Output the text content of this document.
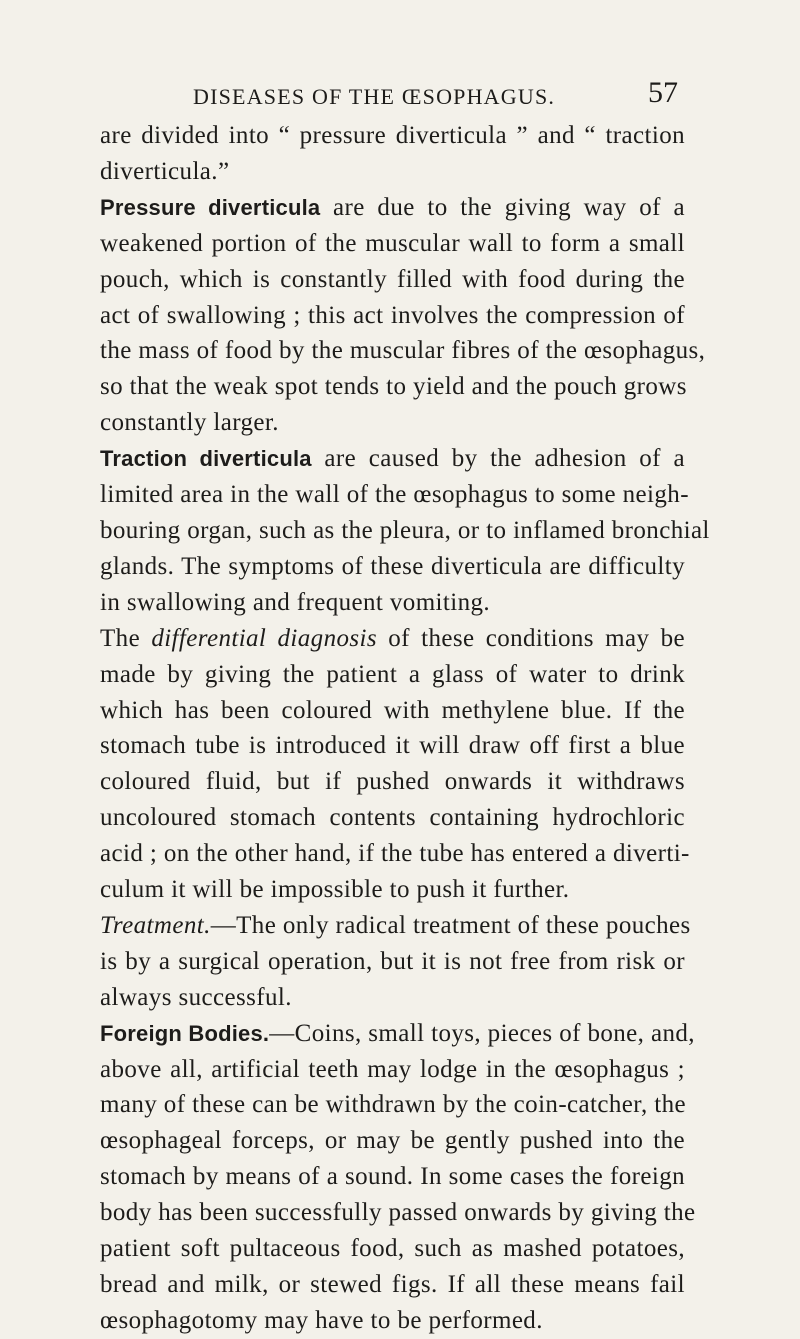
DISEASES OF THE ŒSOPHAGUS.	57
are divided into “ pressure diverticula ” and “ traction
diverticula.”
Pressure diverticula are due to the giving way of a
weakened portion of the muscular wall to form a small
pouch, which is constantly filled with food during the
act of swallowing ; this act involves the compression of
the mass of food by the muscular fibres of the œsophagus,
so that the weak spot tends to yield and the pouch grows
constantly larger.
Traction diverticula are caused by the adhesion of a
limited area in the wall of the œsophagus to some neigh-
bouring organ, such as the pleura, or to inflamed bronchial
glands. The symptoms of these diverticula are difficulty
in swallowing and frequent vomiting.
The differential diagnosis of these conditions may be
made by giving the patient a glass of water to drink
which has been coloured with methylene blue. If the
stomach tube is introduced it will draw off first a blue
coloured fluid, but if pushed onwards it withdraws
uncoloured stomach contents containing hydrochloric
acid ; on the other hand, if the tube has entered a diverti-
culum it will be impossible to push it further.
Treatment.—The only radical treatment of these pouches
is by a surgical operation, but it is not free from risk or
always successful.
Foreign Bodies.—Coins, small toys, pieces of bone, and,
above all, artificial teeth may lodge in the œsophagus ;
many of these can be withdrawn by the coin-catcher, the
œsophageal forceps, or may be gently pushed into the
stomach by means of a sound. In some cases the foreign
body has been successfully passed onwards by giving the
patient soft pultaceous food, such as mashed potatoes,
bread and milk, or stewed figs. If all these means fail
œsophagotomy may have to be performed.
